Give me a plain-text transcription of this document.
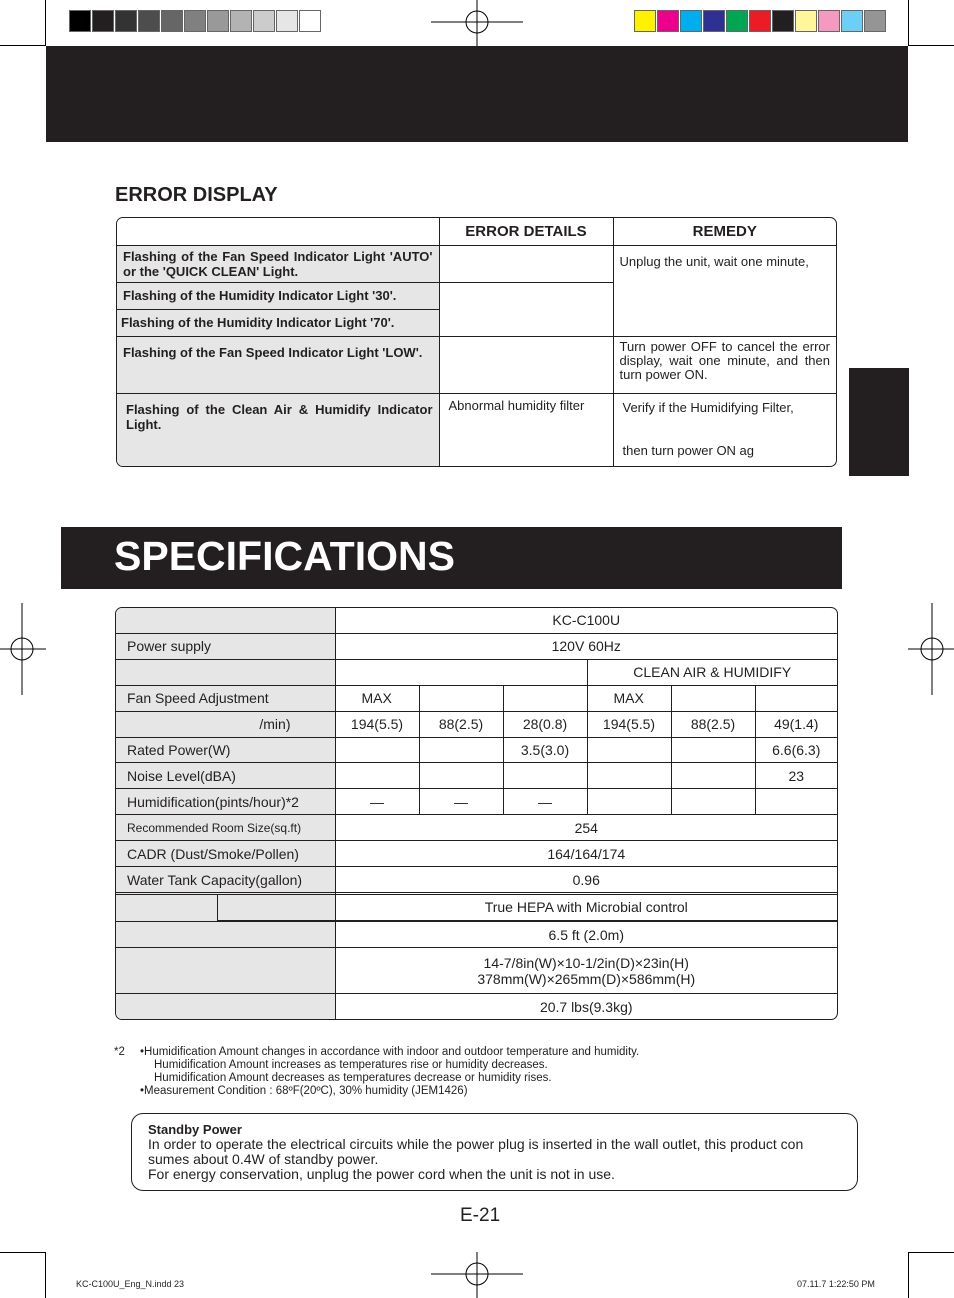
ERROR DISPLAY
	ERROR DETAILS	REMEDY
Flashing of the Fan Speed Indicator Light 'AUTO' or the 'QUICK CLEAN' Light.		Unplug the unit, wait one minute,
Flashing of the Humidity Indicator Light '30'.		
Flashing of the Humidity Indicator Light '70'.		
Flashing of the Fan Speed Indicator Light 'LOW'.		Turn power OFF to cancel the error display, wait one minute, and then turn power ON.
Flashing of the Clean Air & Humidify Indicator Light.	Abnormal humidity filter	Verify if the Humidifying Filter,
then turn power ON ag
SPECIFICATIONS
		KC-C100U					
Power supply		120V 60Hz					
					CLEAN AIR & HUMIDIFY		
Fan Speed Adjustment		MAX			MAX		
/min)		194(5.5)	88(2.5)	28(0.8)	194(5.5)	88(2.5)	49(1.4)
Rated Power(W)				3.5(3.0)			6.6(6.3)
Noise Level(dBA)							23
Humidification(pints/hour)*2		—	—	—			
Recommended Room Size(sq.ft)		254					
CADR (Dust/Smoke/Pollen)		164/164/174					
Water Tank Capacity(gallon)		0.96					

		True HEPA with Microbial control					

		6.5 ft (2.0m)					

		14-7/8in(W)×10-1/2in(D)×23in(H)
378mm(W)×265mm(D)×586mm(H)					

		20.7 lbs(9.3kg)					
*2 •Humidification Amount changes in accordance with indoor and outdoor temperature and humidity.
Humidification Amount increases as temperatures rise or humidity decreases.
Humidification Amount decreases as temperatures decrease or humidity rises.
•Measurement Condition : 68ºF(20ºC), 30% humidity (JEM1426)
Standby Power
In order to operate the electrical circuits while the power plug is inserted in the wall outlet, this product con
sumes about 0.4W of standby power.
For energy conservation, unplug the power cord when the unit is not in use.
E-21
KC-C100U_Eng_N.indd 23	07.11.7 1:22:50 PM
